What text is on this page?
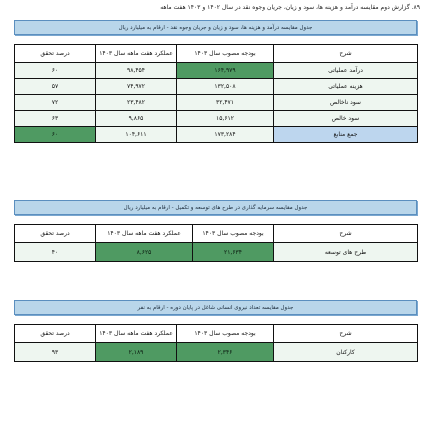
۸۹. گزارش دوم مقایسه درآمد و هزینه ها، سود و زیان، جریان وجوه نقد در سال ۱۴۰۲ و ۱۴۰۳ هفت ماهه
جدول مقایسه درآمد و هزینه ها، سود و زیان و جریان وجوه نقد - ارقام به میلیارد ریال
درصد تحقق	عملکرد هفت ماهه سال ۱۴۰۳	بودجه مصوب سال ۱۴۰۳	شرح
۶۰	۹۸,۴۵۴	۱۶۴,۹۷۹	درآمد عملیاتی
۵۷	۷۴,۹۷۲	۱۳۲,۵۰۸	هزینه عملیاتی
۷۲	۲۳,۴۸۲	۳۲,۴۷۱	سود ناخالص
۶۳	۹,۸۶۵	۱۵,۶۱۲	سود خالص
۶۰	۱۰۴,۶۱۱	۱۷۳,۲۸۴	جمع منابع
جدول مقایسه سرمایه گذاری در طرح های توسعه و تکمیل - ارقام به میلیارد ریال
درصد تحقق	عملکرد هفت ماهه سال ۱۴۰۳	بودجه مصوب سال ۱۴۰۳	شرح
۴۰	۸,۶۲۵	۲۱,۶۳۴	طرح های توسعه
جدول مقایسه تعداد نیروی انسانی شاغل در پایان دوره - ارقام به نفر
درصد تحقق	عملکرد هفت ماهه سال ۱۴۰۳	بودجه مصوب سال ۱۴۰۳	شرح
۹۳	۲,۱۸۹	۲,۳۴۶	کارکنان
